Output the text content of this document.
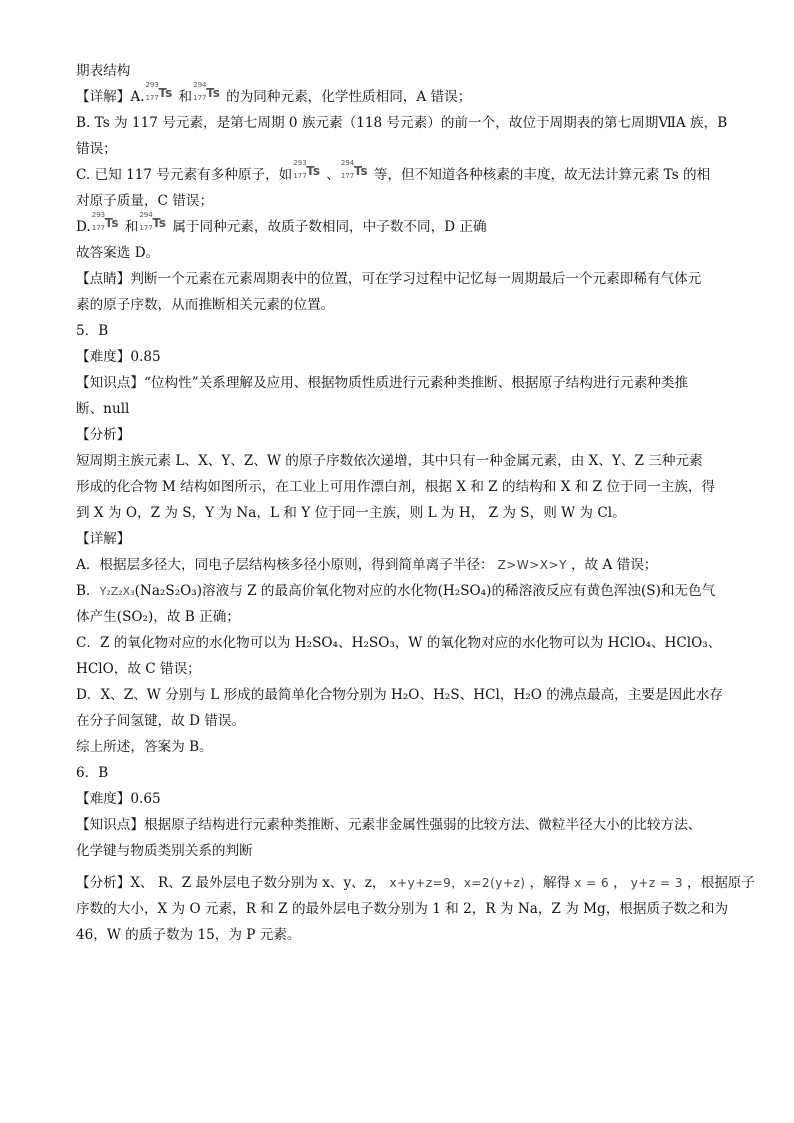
期表结构
【详解】A.
293
177 Ts 和
294
177 Ts 的为同种元素，化学性质相同，A 错误；
B. Ts 为 117 号元素，是第七周期 0 族元素（118 号元素）的前一个，故位于周期表的第七周期ⅦA 族，B
错误；
C. 已知 117 号元素有多种原子，如
293
177 Ts 、
294
177 Ts 等，但不知道各种核素的丰度，故无法计算元素 Ts 的相
对原子质量，C 错误；
D.
293
177 Ts 和
294
177 Ts 属于同种元素，故质子数相同，中子数不同，D 正确
故答案选 D。
【点睛】判断一个元素在元素周期表中的位置，可在学习过程中记忆每一周期最后一个元素即稀有气体元
素的原子序数，从而推断相关元素的位置。
5．B
【难度】0.85
【知识点】“位构性”关系理解及应用、根据物质性质进行元素种类推断、根据原子结构进行元素种类推
断、null
【分析】
短周期主族元素 L、X、Y、Z、W 的原子序数依次递增，其中只有一种金属元素，由 X、Y、Z 三种元素
形成的化合物 M 结构如图所示，在工业上可用作漂白剂，根据 X 和 Z 的结构和 X 和 Z 位于同一主族，得
到 X 为 O，Z 为 S，Y 为 Na，L 和 Y 位于同一主族，则 L 为 H， Z 为 S，则 W 为 Cl。
【详解】
A．根据层多径大，同电子层结构核多径小原则，得到简单离子半径： Z>W>X>Y ，故 A 错误；
B．Y₂Z₂X₃(Na₂S₂O₃)溶液与 Z 的最高价氧化物对应的水化物(H₂SO₄)的稀溶液反应有黄色浑浊(S)和无色气
体产生(SO₂)，故 B 正确；
C．Z 的氧化物对应的水化物可以为 H₂SO₄、H₂SO₃，W 的氧化物对应的水化物可以为 HClO₄、HClO₃、
HClO，故 C 错误；
D．X、Z、W 分别与 L 形成的最简单化合物分别为 H₂O、H₂S、HCl，H₂O 的沸点最高，主要是因此水存
在分子间氢键，故 D 错误。
综上所述，答案为 B。
6．B
【难度】0.65
【知识点】根据原子结构进行元素种类推断、元素非金属性强弱的比较方法、微粒半径大小的比较方法、
化学键与物质类别关系的判断
【分析】X、 R、Z 最外层电子数分别为 x、y、z， x+y+z=9，x=2(y+z) ，解得 x = 6 ， y+z = 3 ，根据原子
序数的大小，X 为 O 元素，R 和 Z 的最外层电子数分别为 1 和 2，R 为 Na，Z 为 Mg，根据质子数之和为
46，W 的质子数为 15，为 P 元素。
